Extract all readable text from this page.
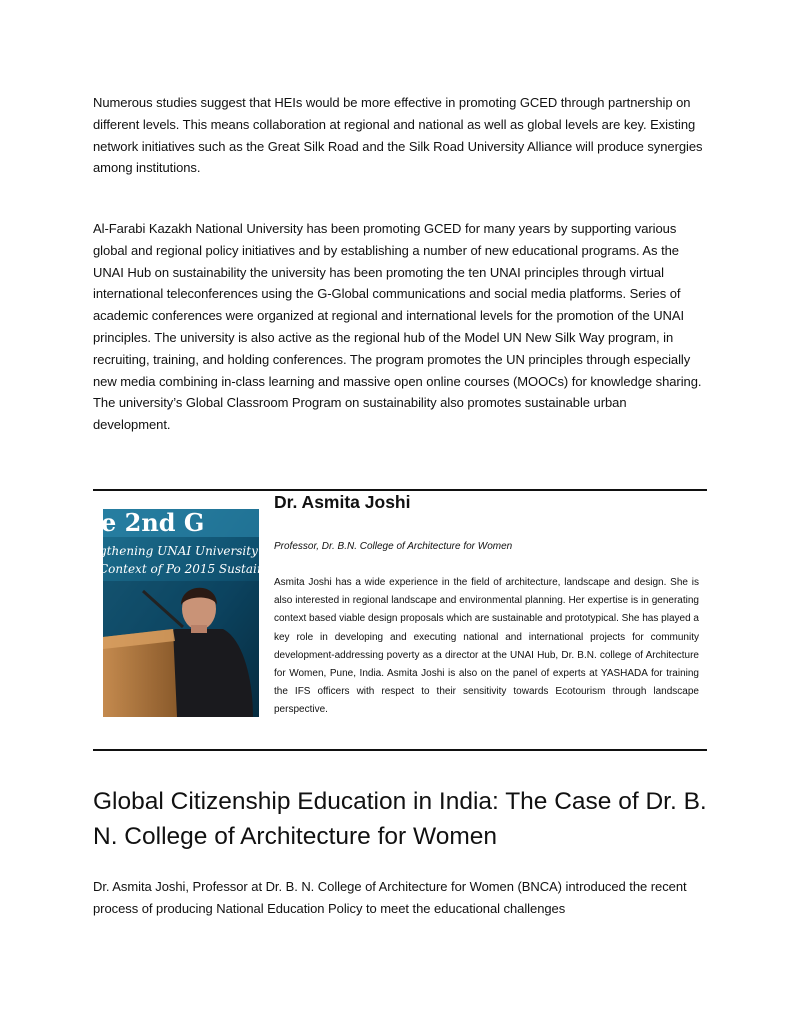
Numerous studies suggest that HEIs would be more effective in promoting GCED through partnership on different levels. This means collaboration at regional and national as well as global levels are key. Existing network initiatives such as the Great Silk Road and the Silk Road University Alliance will produce synergies among institutions.

Al-Farabi Kazakh National University has been promoting GCED for many years by supporting various global and regional policy initiatives and by establishing a number of new educational programs. As the UNAI Hub on sustainability the university has been promoting the ten UNAI principles through virtual international teleconferences using the G-Global communications and social media platforms. Series of academic conferences were organized at regional and international levels for the promotion of the UNAI principles. The university is also active as the regional hub of the Model UN New Silk Way program, in recruiting, training, and holding conferences. The program promotes the UN principles through especially new media combining in-class learning and massive open online courses (MOOCs) for knowledge sharing. The university’s Global Classroom Program on sustainability also promotes sustainable urban development.

e 2nd G
gthening UNAI University Net
Context of Po 2015 Sustain
Dr. Asmita Joshi

Professor, Dr. B.N. College of Architecture for Women

Asmita Joshi has a wide experience in the field of architecture, landscape and design. She is also interested in regional landscape and environmental planning. Her expertise is in generating context based viable design proposals which are sustainable and prototypical. She has played a key role in developing and executing national and international projects for community development-addressing poverty as a director at the UNAI Hub, Dr. B.N. college of Architecture for Women, Pune, India. Asmita Joshi is also on the panel of experts at YASHADA for training the IFS officers with respect to their sensitivity towards Ecotourism through landscape perspective.

Global Citizenship Education in India: The Case of Dr. B. N. College of Architecture for Women

Dr. Asmita Joshi, Professor at Dr. B. N. College of Architecture for Women (BNCA) introduced the recent process of producing National Education Policy to meet the educational challenges
